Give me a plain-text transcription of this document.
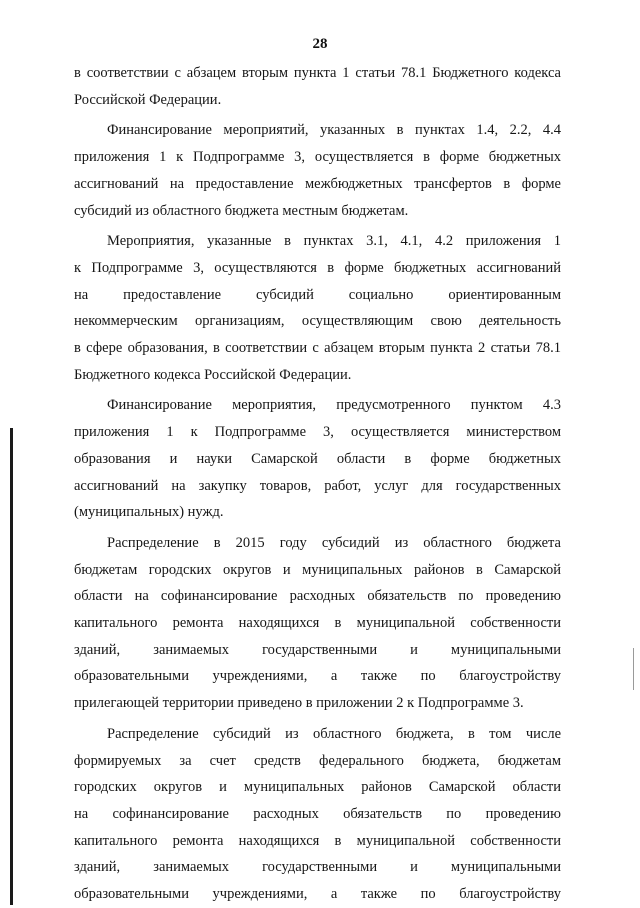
28
в соответствии с абзацем вторым пункта 1 статьи 78.1 Бюджетного кодекса
Российской Федерации.
Финансирование мероприятий, указанных в пунктах 1.4, 2.2, 4.4
приложения 1 к Подпрограмме 3, осуществляется в форме бюджетных
ассигнований на предоставление межбюджетных трансфертов в форме
субсидий из областного бюджета местным бюджетам.
Мероприятия, указанные в пунктах 3.1, 4.1, 4.2 приложения 1
к Подпрограмме 3, осуществляются в форме бюджетных ассигнований
на предоставление субсидий социально ориентированным
некоммерческим организациям, осуществляющим свою деятельность
в сфере образования, в соответствии с абзацем вторым пункта 2 статьи 78.1
Бюджетного кодекса Российской Федерации.
Финансирование мероприятия, предусмотренного пунктом 4.3
приложения 1 к Подпрограмме 3, осуществляется министерством
образования и науки Самарской области в форме бюджетных
ассигнований на закупку товаров, работ, услуг для государственных
(муниципальных) нужд.
Распределение в 2015 году субсидий из областного бюджета
бюджетам городских округов и муниципальных районов в Самарской
области на софинансирование расходных обязательств по проведению
капитального ремонта находящихся в муниципальной собственности
зданий, занимаемых государственными и муниципальными
образовательными учреждениями, а также по благоустройству
прилегающей территории приведено в приложении 2 к Подпрограмме 3.
Распределение субсидий из областного бюджета, в том числе
формируемых за счет средств федерального бюджета, бюджетам
городских округов и муниципальных районов Самарской области
на софинансирование расходных обязательств по проведению
капитального ремонта находящихся в муниципальной собственности
зданий, занимаемых государственными и муниципальными
образовательными учреждениями, а также по благоустройству
